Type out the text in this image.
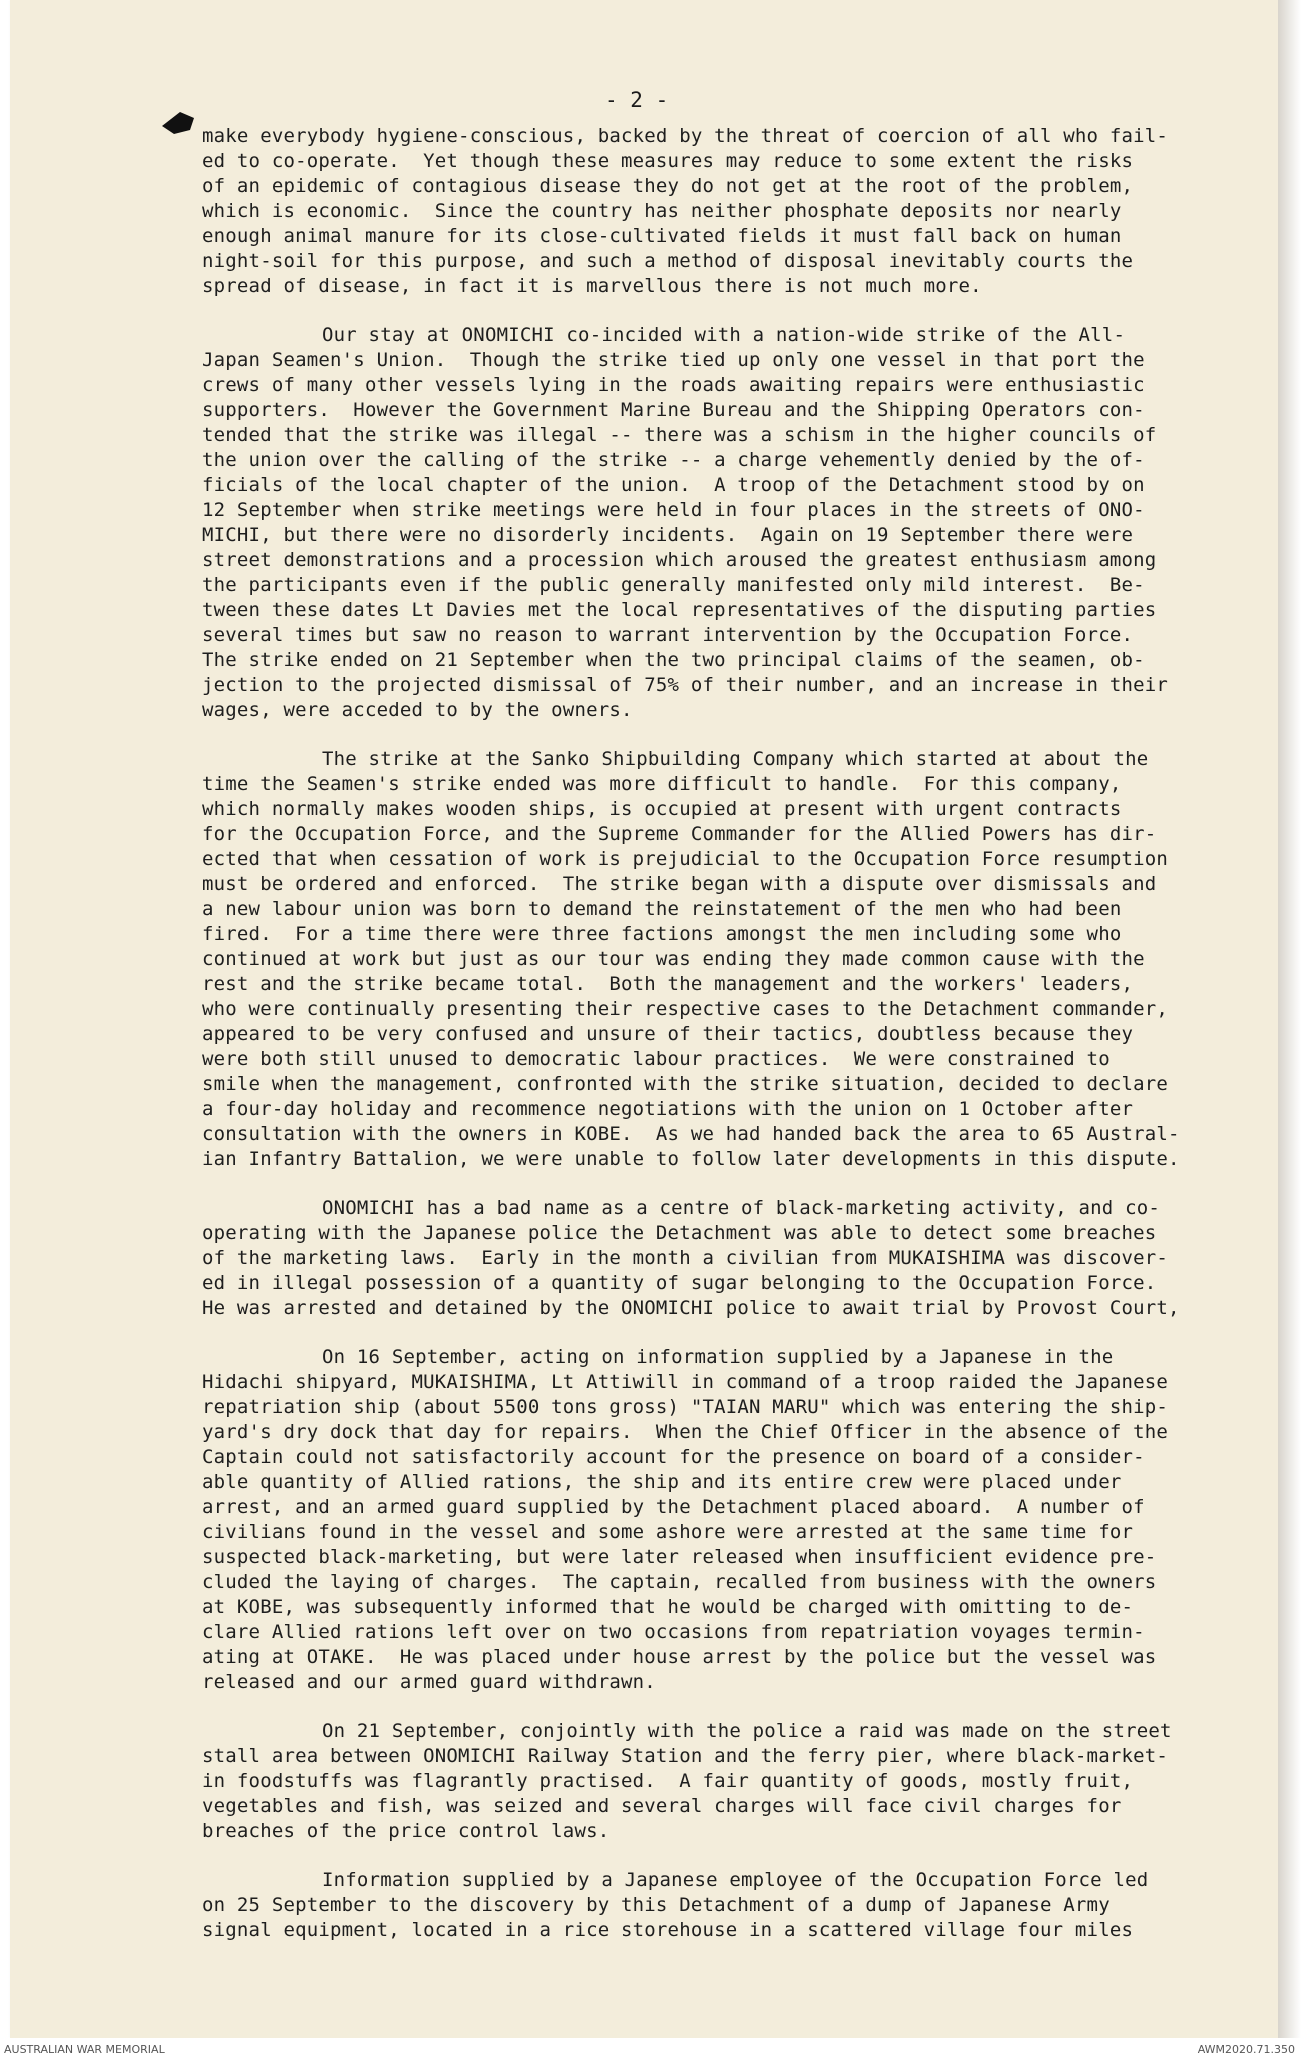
- 2 -
make everybody hygiene-conscious, backed by the threat of coercion of all who fail-
ed to co-operate.  Yet though these measures may reduce to some extent the risks
of an epidemic of contagious disease they do not get at the root of the problem,
which is economic.  Since the country has neither phosphate deposits nor nearly
enough animal manure for its close-cultivated fields it must fall back on human
night-soil for this purpose, and such a method of disposal inevitably courts the
spread of disease, in fact it is marvellous there is not much more.
Our stay at ONOMICHI co-incided with a nation-wide strike of the All-
Japan Seamen's Union.  Though the strike tied up only one vessel in that port the
crews of many other vessels lying in the roads awaiting repairs were enthusiastic
supporters.  However the Government Marine Bureau and the Shipping Operators con-
tended that the strike was illegal -- there was a schism in the higher councils of
the union over the calling of the strike -- a charge vehemently denied by the of-
ficials of the local chapter of the union.  A troop of the Detachment stood by on
12 September when strike meetings were held in four places in the streets of ONO-
MICHI, but there were no disorderly incidents.  Again on 19 September there were
street demonstrations and a procession which aroused the greatest enthusiasm among
the participants even if the public generally manifested only mild interest.  Be-
tween these dates Lt Davies met the local representatives of the disputing parties
several times but saw no reason to warrant intervention by the Occupation Force.
The strike ended on 21 September when the two principal claims of the seamen, ob-
jection to the projected dismissal of 75% of their number, and an increase in their
wages, were acceded to by the owners.
The strike at the Sanko Shipbuilding Company which started at about the
time the Seamen's strike ended was more difficult to handle.  For this company,
which normally makes wooden ships, is occupied at present with urgent contracts
for the Occupation Force, and the Supreme Commander for the Allied Powers has dir-
ected that when cessation of work is prejudicial to the Occupation Force resumption
must be ordered and enforced.  The strike began with a dispute over dismissals and
a new labour union was born to demand the reinstatement of the men who had been
fired.  For a time there were three factions amongst the men including some who
continued at work but just as our tour was ending they made common cause with the
rest and the strike became total.  Both the management and the workers' leaders,
who were continually presenting their respective cases to the Detachment commander,
appeared to be very confused and unsure of their tactics, doubtless because they
were both still unused to democratic labour practices.  We were constrained to
smile when the management, confronted with the strike situation, decided to declare
a four-day holiday and recommence negotiations with the union on 1 October after
consultation with the owners in KOBE.  As we had handed back the area to 65 Austral-
ian Infantry Battalion, we were unable to follow later developments in this dispute.
ONOMICHI has a bad name as a centre of black-marketing activity, and co-
operating with the Japanese police the Detachment was able to detect some breaches
of the marketing laws.  Early in the month a civilian from MUKAISHIMA was discover-
ed in illegal possession of a quantity of sugar belonging to the Occupation Force.
He was arrested and detained by the ONOMICHI police to await trial by Provost Court,
On 16 September, acting on information supplied by a Japanese in the
Hidachi shipyard, MUKAISHIMA, Lt Attiwill in command of a troop raided the Japanese
repatriation ship (about 5500 tons gross) "TAIAN MARU" which was entering the ship-
yard's dry dock that day for repairs.  When the Chief Officer in the absence of the
Captain could not satisfactorily account for the presence on board of a consider-
able quantity of Allied rations, the ship and its entire crew were placed under
arrest, and an armed guard supplied by the Detachment placed aboard.  A number of
civilians found in the vessel and some ashore were arrested at the same time for
suspected black-marketing, but were later released when insufficient evidence pre-
cluded the laying of charges.  The captain, recalled from business with the owners
at KOBE, was subsequently informed that he would be charged with omitting to de-
clare Allied rations left over on two occasions from repatriation voyages termin-
ating at OTAKE.  He was placed under house arrest by the police but the vessel was
released and our armed guard withdrawn.
On 21 September, conjointly with the police a raid was made on the street
stall area between ONOMICHI Railway Station and the ferry pier, where black-market-
in foodstuffs was flagrantly practised.  A fair quantity of goods, mostly fruit,
vegetables and fish, was seized and several charges will face civil charges for
breaches of the price control laws.
Information supplied by a Japanese employee of the Occupation Force led
on 25 September to the discovery by this Detachment of a dump of Japanese Army
signal equipment, located in a rice storehouse in a scattered village four miles
AUSTRALIAN WAR MEMORIAL	AWM2020.71.350
